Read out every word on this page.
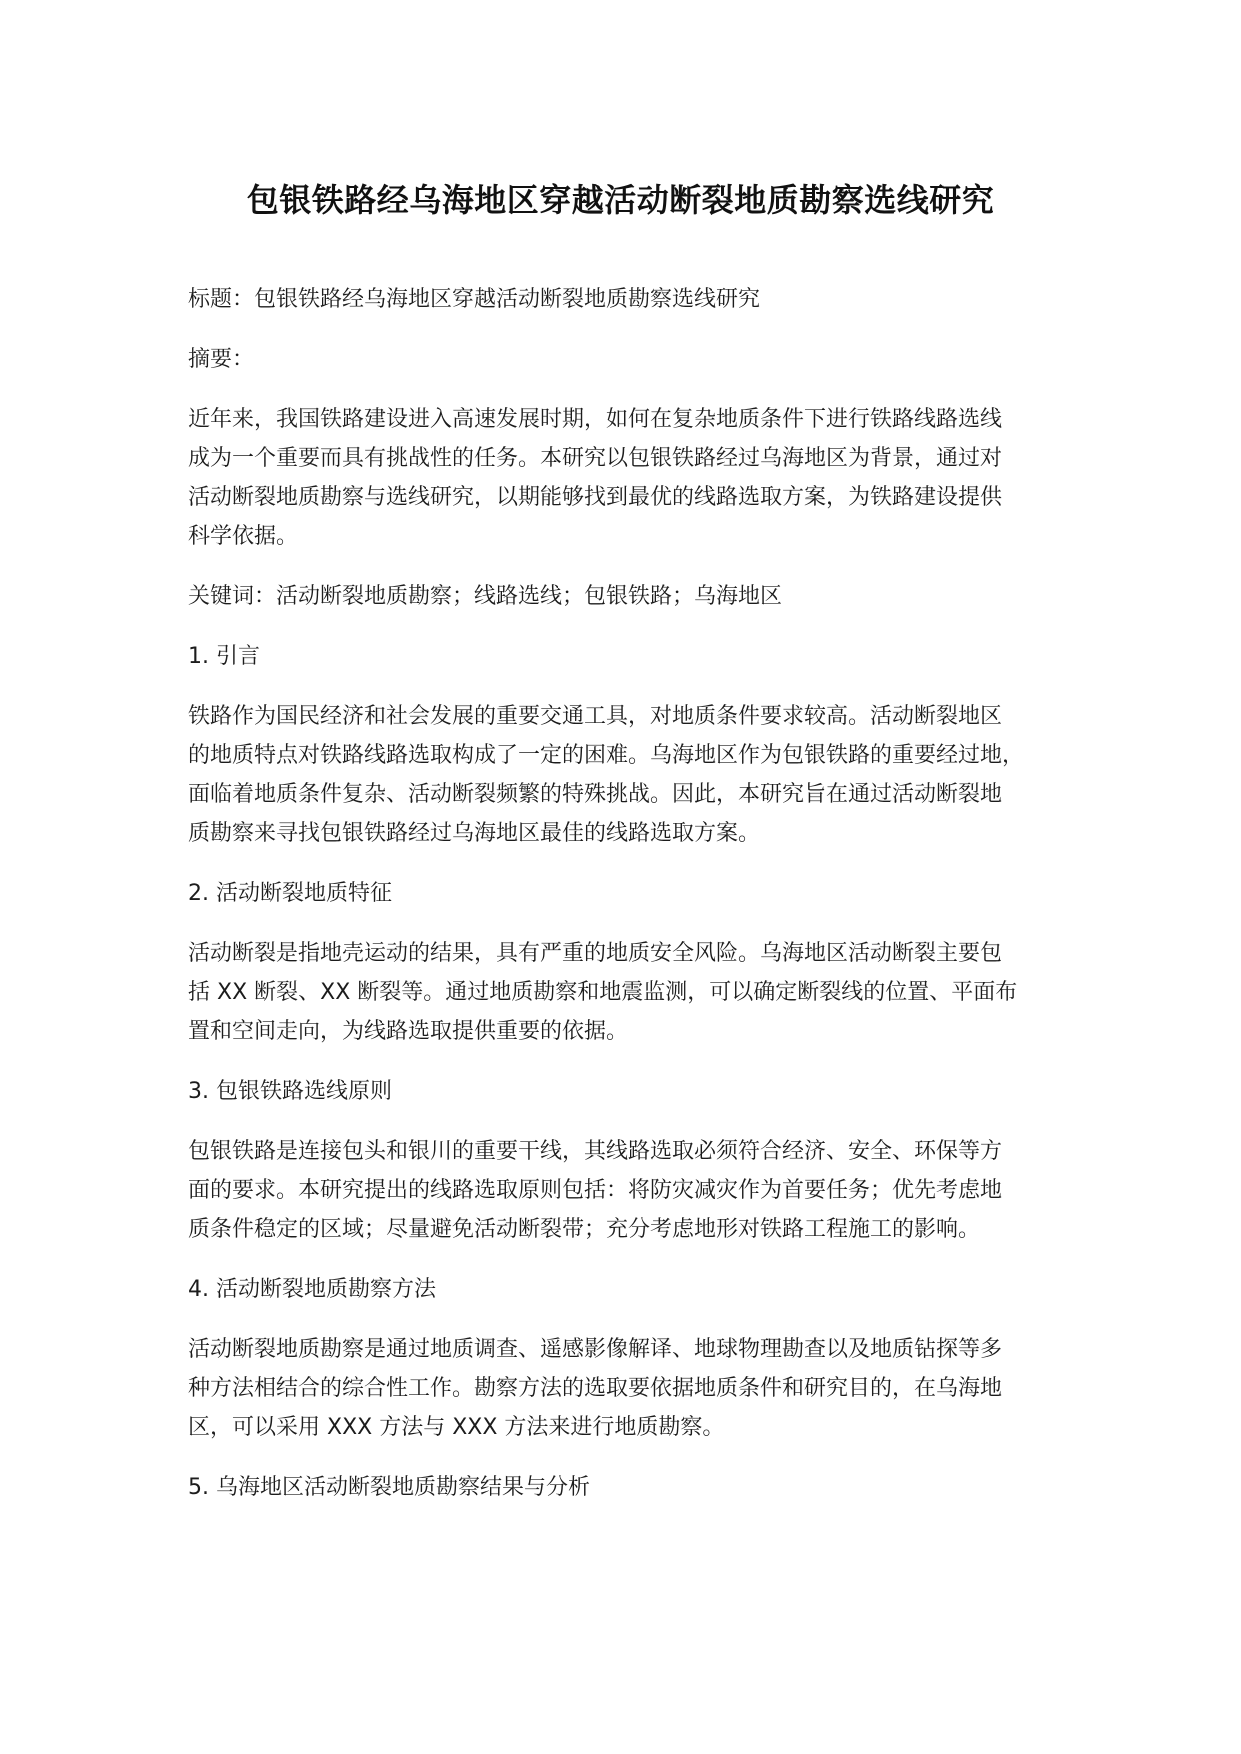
包银铁路经乌海地区穿越活动断裂地质勘察选线研究

标题：包银铁路经乌海地区穿越活动断裂地质勘察选线研究

摘要：

近年来，我国铁路建设进入高速发展时期，如何在复杂地质条件下进行铁路线路选线
成为一个重要而具有挑战性的任务。本研究以包银铁路经过乌海地区为背景，通过对
活动断裂地质勘察与选线研究，以期能够找到最优的线路选取方案，为铁路建设提供
科学依据。

关键词：活动断裂地质勘察；线路选线；包银铁路；乌海地区

1. 引言

铁路作为国民经济和社会发展的重要交通工具，对地质条件要求较高。活动断裂地区
的地质特点对铁路线路选取构成了一定的困难。乌海地区作为包银铁路的重要经过地，
面临着地质条件复杂、活动断裂频繁的特殊挑战。因此，本研究旨在通过活动断裂地
质勘察来寻找包银铁路经过乌海地区最佳的线路选取方案。

2. 活动断裂地质特征

活动断裂是指地壳运动的结果，具有严重的地质安全风险。乌海地区活动断裂主要包
括 XX 断裂、XX 断裂等。通过地质勘察和地震监测，可以确定断裂线的位置、平面布
置和空间走向，为线路选取提供重要的依据。

3. 包银铁路选线原则

包银铁路是连接包头和银川的重要干线，其线路选取必须符合经济、安全、环保等方
面的要求。本研究提出的线路选取原则包括：将防灾减灾作为首要任务；优先考虑地
质条件稳定的区域；尽量避免活动断裂带；充分考虑地形对铁路工程施工的影响。

4. 活动断裂地质勘察方法

活动断裂地质勘察是通过地质调查、遥感影像解译、地球物理勘查以及地质钻探等多
种方法相结合的综合性工作。勘察方法的选取要依据地质条件和研究目的，在乌海地
区，可以采用 XXX 方法与 XXX 方法来进行地质勘察。

5. 乌海地区活动断裂地质勘察结果与分析
